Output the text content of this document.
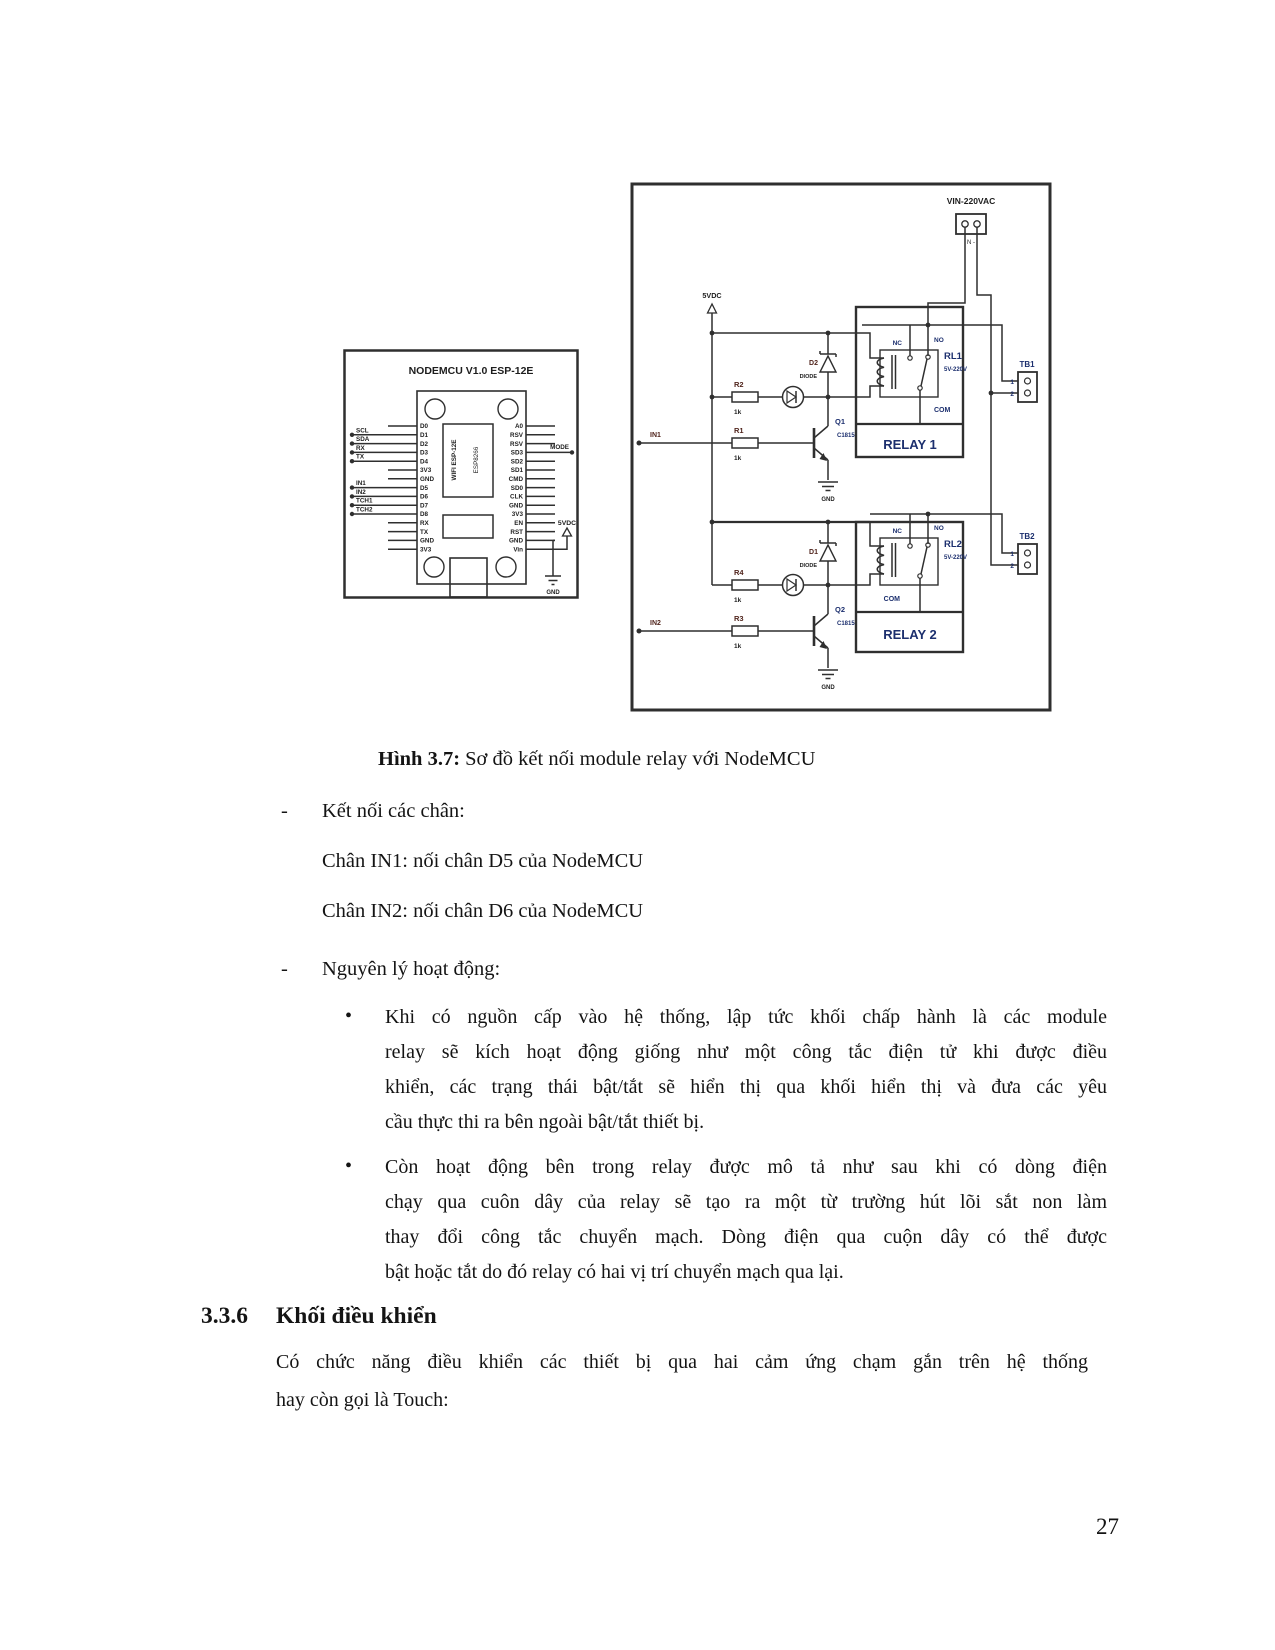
NODEMCU V1.0 ESP-12E
WIFI ESP-12E ESP8266
D0
D1
D2
D3
D4
3V3
GND
D5
D6
D7
D8
RX
TX
GND
3V3
A0
RSV
RSV
SD3
SD2
SD1
CMD
SD0
CLK
GND
3V3
EN
RST
GND
Vin
SCL
SDA
RX
TX
IN1
IN2
TCH1
TCH2
MODE
5VDC
GND
VIN-220VAC
N -
5VDC
IN1
IN2
R2
1k
R1
1k
R4
1k
R3
1k
D2
DIODE
D1
DIODE
Q1
C1815
GND
Q2
C1815
GND
RELAY 1
NC	NO
RL1
5V-220V
COM
RELAY 2
NC	NO
RL2
5V-220V
COM
TB1
1
2
TB2
1
2
Hình 3.7: Sơ đồ kết nối module relay với NodeMCU
- Kết nối các chân:
Chân IN1: nối chân D5 của NodeMCU
Chân IN2: nối chân D6 của NodeMCU
- Nguyên lý hoạt động:
• Khi có nguồn cấp vào hệ thống, lập tức khối chấp hành là các module
relay sẽ kích hoạt động giống như một công tắc điện tử khi được điều
khiển, các trạng thái bật/tắt sẽ hiển thị qua khối hiển thị và đưa các yêu
cầu thực thi ra bên ngoài bật/tắt thiết bị.
• Còn hoạt động bên trong relay được mô tả như sau khi có dòng điện
chạy qua cuôn dây của relay sẽ tạo ra một từ trường hút lõi sắt non làm
thay đổi công tắc chuyển mạch. Dòng điện qua cuộn dây có thể được
bật hoặc tắt do đó relay có hai vị trí chuyển mạch qua lại.
3.3.6 Khối điều khiển
Có chức năng điều khiển các thiết bị qua hai cảm ứng chạm gắn trên hệ thống
hay còn gọi là Touch:
27
